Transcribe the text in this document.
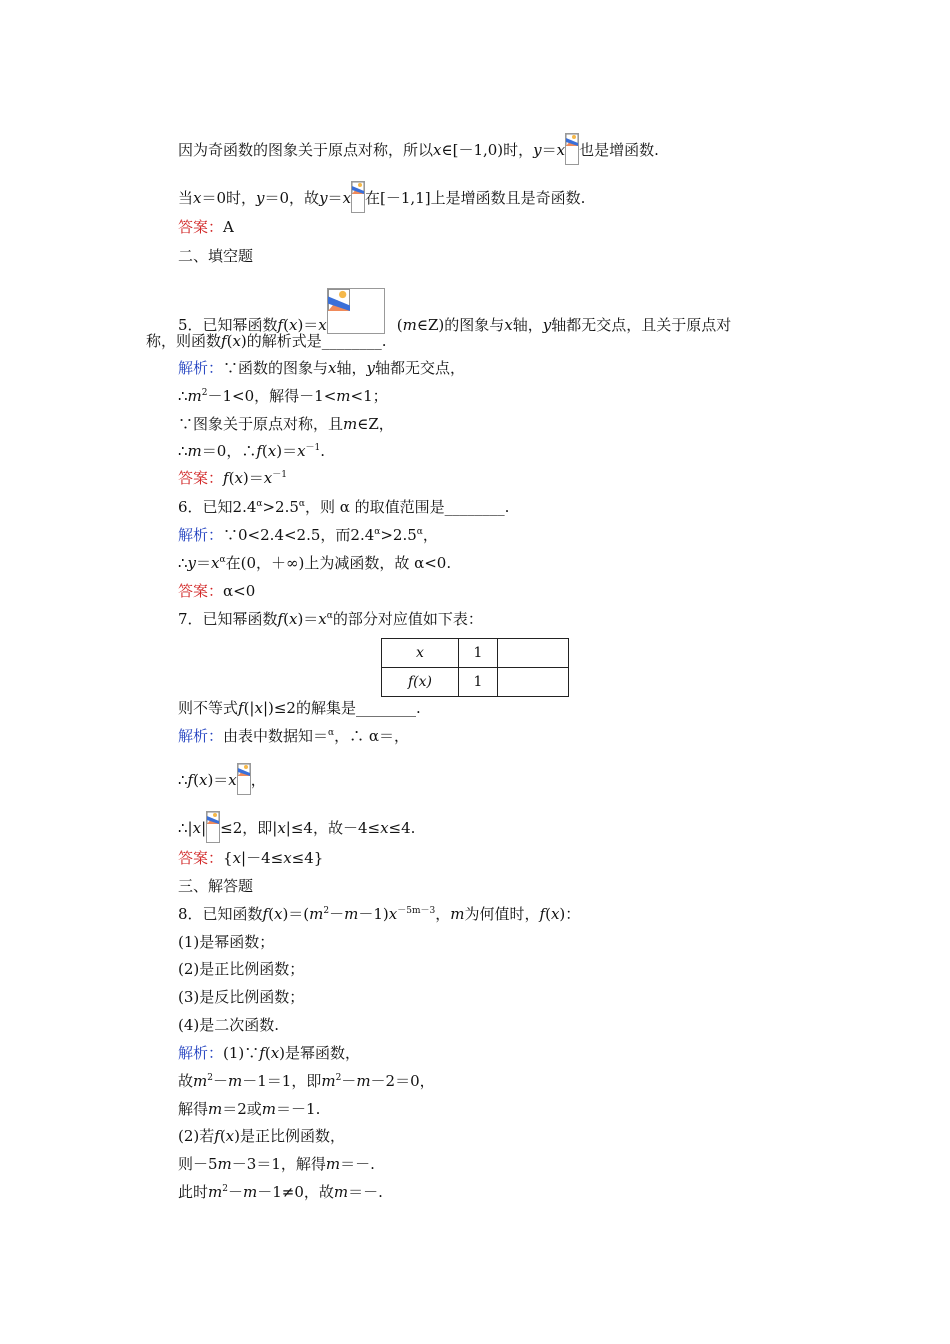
因为奇函数的图象关于原点对称，所以x∈[－1,0)时，y＝x 也是增函数.
当x＝0时，y＝0，故y＝x 在[－1,1]上是增函数且是奇函数.
答案：A
二、填空题
5．已知幂函数f(x)＝x	(m∈Z)的图象与x轴，y轴都无交点，且关于原点对
称，则函数f(x)的解析式是________.
解析：∵函数的图象与x轴，y轴都无交点，
$\therefore m^2-1<0$，解得－1<m<1；
∵图象关于原点对称，且m∈Z，
∴m＝0，$\therefore f(x)=x^{-1}$.
答案：$f(x)=x^{-1}$
6．已知$2.4^\alpha>2.5^\alpha$，则 α 的取值范围是________.
解析：∵0<2.4<2.5，而$2.4^\alpha>2.5^\alpha$，
$\therefore y=x^\alpha$在(0，＋∞)上为减函数，故 α<0.
答案：α<0
7．已知幂函数$f(x)=x^\alpha$的部分对应值如下表：
x	1	
f(x)	1	
则不等式f(|x|)≤2的解集是________.
解析：由表中数据知＝$^\alpha$，∴ α＝，
∴f(x)＝x ，
∴|x| ≤2，即|x|≤4，故－4≤x≤4.
答案：{x|－4≤x≤4}
三、解答题
8．已知函数$f(x)=(m^2-m-1)x^{-5m-3}$，m为何值时，f(x)：
(1)是幂函数；
(2)是正比例函数；
(3)是反比例函数；
(4)是二次函数.
解析：(1)∵f(x)是幂函数，
故$m^2-m-1=1$，即$m^2-m-2=0$，
解得m＝2或m＝－1.
(2)若f(x)是正比例函数，
则－5m－3＝1，解得m＝－.
此时$m^2-m-1\ne 0$，故m＝－.
